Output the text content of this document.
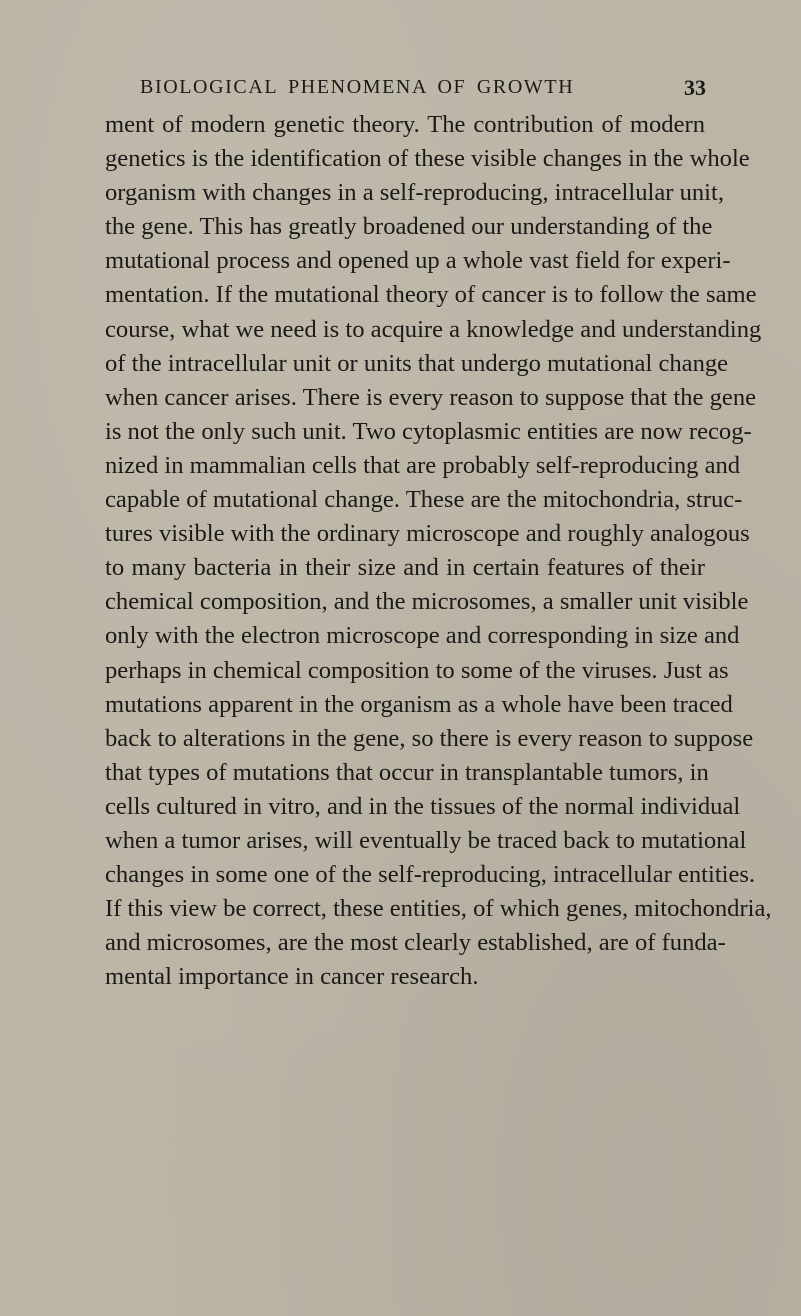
BIOLOGICAL PHENOMENA OF GROWTH	33
ment of modern genetic theory. The contribution of modern
genetics is the identification of these visible changes in the whole
organism with changes in a self-reproducing, intracellular unit,
the gene. This has greatly broadened our understanding of the
mutational process and opened up a whole vast field for experi-
mentation. If the mutational theory of cancer is to follow the same
course, what we need is to acquire a knowledge and understanding
of the intracellular unit or units that undergo mutational change
when cancer arises. There is every reason to suppose that the gene
is not the only such unit. Two cytoplasmic entities are now recog-
nized in mammalian cells that are probably self-reproducing and
capable of mutational change. These are the mitochondria, struc-
tures visible with the ordinary microscope and roughly analogous
to many bacteria in their size and in certain features of their
chemical composition, and the microsomes, a smaller unit visible
only with the electron microscope and corresponding in size and
perhaps in chemical composition to some of the viruses. Just as
mutations apparent in the organism as a whole have been traced
back to alterations in the gene, so there is every reason to suppose
that types of mutations that occur in transplantable tumors, in
cells cultured in vitro, and in the tissues of the normal individual
when a tumor arises, will eventually be traced back to mutational
changes in some one of the self-reproducing, intracellular entities.
If this view be correct, these entities, of which genes, mitochondria,
and microsomes, are the most clearly established, are of funda-
mental importance in cancer research.
